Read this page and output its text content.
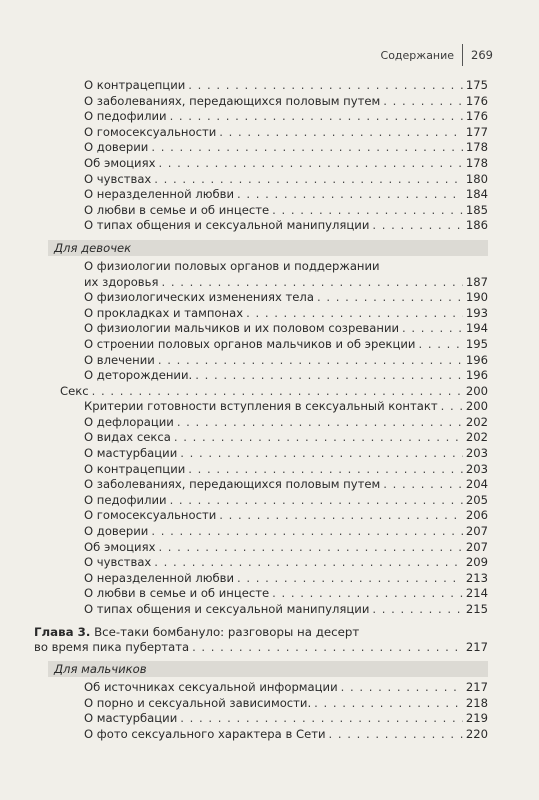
Содержание 269
О контрацепции . . .	175
О заболеваниях, передающихся половым путем . . .	176
О педофилии . . .	176
О гомосексуальности . . .	177
О доверии . . .	178
Об эмоциях . . .	178
О чувствах . . .	180
О неразделенной любви . . .	184
О любви в семье и об инцесте . . .	185
О типах общения и сексуальной манипуляции . . .	186
Для девочек
О физиологии половых органов и поддержании
их здоровья . . .	187
О физиологических изменениях тела . . .	190
О прокладках и тампонах . . .	193
О физиологии мальчиков и их половом созревании . . .	194
О строении половых органов мальчиков и об эрекции . . .	195
О влечении . . .	196
О деторождении. . . .	196
Секс . . .	200
Критерии готовности вступления в сексуальный контакт . . . 200
О дефлорации . . .	202
О видах секса . . .	202
О мастурбации . . .	203
О контрацепции . . .	203
О заболеваниях, передающихся половым путем . . .	204
О педофилии . . .	205
О гомосексуальности . . .	206
О доверии . . .	207
Об эмоциях . . .	207
О чувствах . . .	209
О неразделенной любви . . .	213
О любви в семье и об инцесте . . .	214
О типах общения и сексуальной манипуляции . . .	215
Глава 3. Все-таки бомбануло: разговоры на десерт
во время пика пубертата . . .	217
Для мальчиков
Об источниках сексуальной информации . . .	217
О порно и сексуальной зависимости. . . .	218
О мастурбации . . .	219
О фото сексуального характера в Сети . . .	220
